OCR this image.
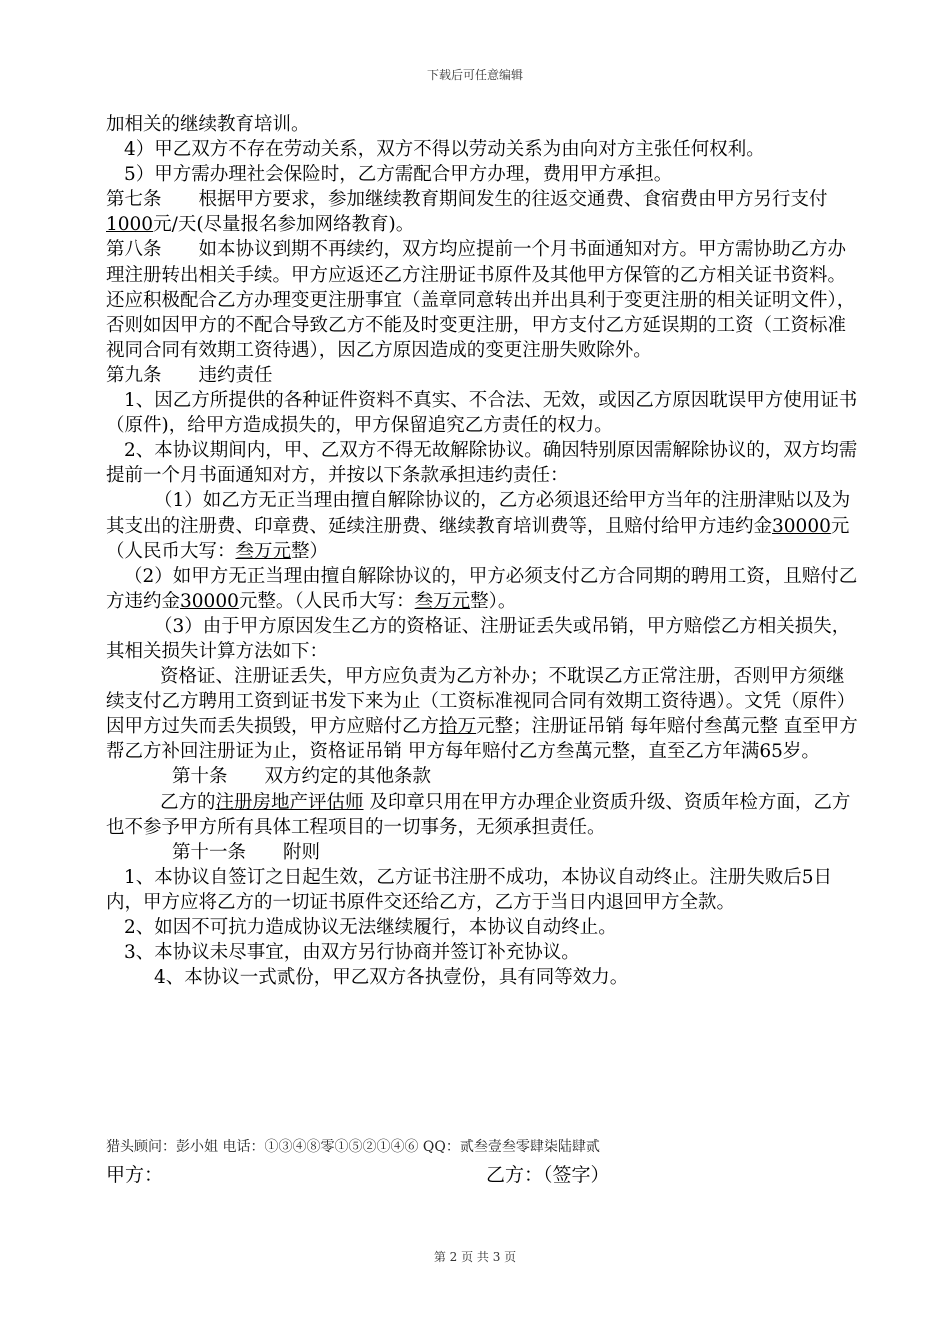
下载后可任意编辑

加相关的继续教育培训。

4）甲乙双方不存在劳动关系，双方不得以劳动关系为由向对方主张任何权利。

5）甲方需办理社会保险时，乙方需配合甲方办理，费用甲方承担。

第七条　　根据甲方要求，参加继续教育期间发生的往返交通费、食宿费由甲方另行支付1000元/天(尽量报名参加网络教育)。

第八条　　如本协议到期不再续约，双方均应提前一个月书面通知对方。甲方需协助乙方办理注册转出相关手续。甲方应返还乙方注册证书原件及其他甲方保管的乙方相关证书资料。还应积极配合乙方办理变更注册事宜（盖章同意转出并出具利于变更注册的相关证明文件），否则如因甲方的不配合导致乙方不能及时变更注册，甲方支付乙方延误期的工资（工资标准视同合同有效期工资待遇），因乙方原因造成的变更注册失败除外。

第九条　　违约责任

1、因乙方所提供的各种证件资料不真实、不合法、无效，或因乙方原因耽误甲方使用证书（原件)，给甲方造成损失的，甲方保留追究乙方责任的权力。

2、本协议期间内，甲、乙双方不得无故解除协议。确因特别原因需解除协议的，双方均需提前一个月书面通知对方，并按以下条款承担违约责任：

（1）如乙方无正当理由擅自解除协议的，乙方必须退还给甲方当年的注册津贴以及为其支出的注册费、印章费、延续注册费、继续教育培训费等，且赔付给甲方违约金30000元（人民币大写：叁万元整）

（2）如甲方无正当理由擅自解除协议的，甲方必须支付乙方合同期的聘用工资，且赔付乙方违约金30000元整。（人民币大写：叁万元整）。

（3）由于甲方原因发生乙方的资格证、注册证丢失或吊销，甲方赔偿乙方相关损失，其相关损失计算方法如下：

资格证、注册证丢失，甲方应负责为乙方补办；不耽误乙方正常注册，否则甲方须继续支付乙方聘用工资到证书发下来为止（工资标准视同合同有效期工资待遇）。文凭（原件）因甲方过失而丢失损毁，甲方应赔付乙方拾万元整；注册证吊销 每年赔付叁萬元整 直至甲方帮乙方补回注册证为止，资格证吊销 甲方每年赔付乙方叁萬元整，直至乙方年满65岁。

第十条　　双方约定的其他条款

乙方的注册房地产评估师 及印章只用在甲方办理企业资质升级、资质年检方面，乙方也不参予甲方所有具体工程项目的一切事务，无须承担责任。

第十一条　　附则

1、本协议自签订之日起生效，乙方证书注册不成功，本协议自动终止。注册失败后5日内，甲方应将乙方的一切证书原件交还给乙方，乙方于当日内退回甲方全款。

2、如因不可抗力造成协议无法继续履行，本协议自动终止。

3、本协议未尽事宜，由双方另行协商并签订补充协议。

4、本协议一式贰份，甲乙双方各执壹份，具有同等效力。

猎头顾问：彭小姐 电话：①③④⑧零①⑤②①④⑥ QQ：贰叁壹叁零肆柒陆肆贰
甲方：	乙方：（签字）
第 2 页 共 3 页
